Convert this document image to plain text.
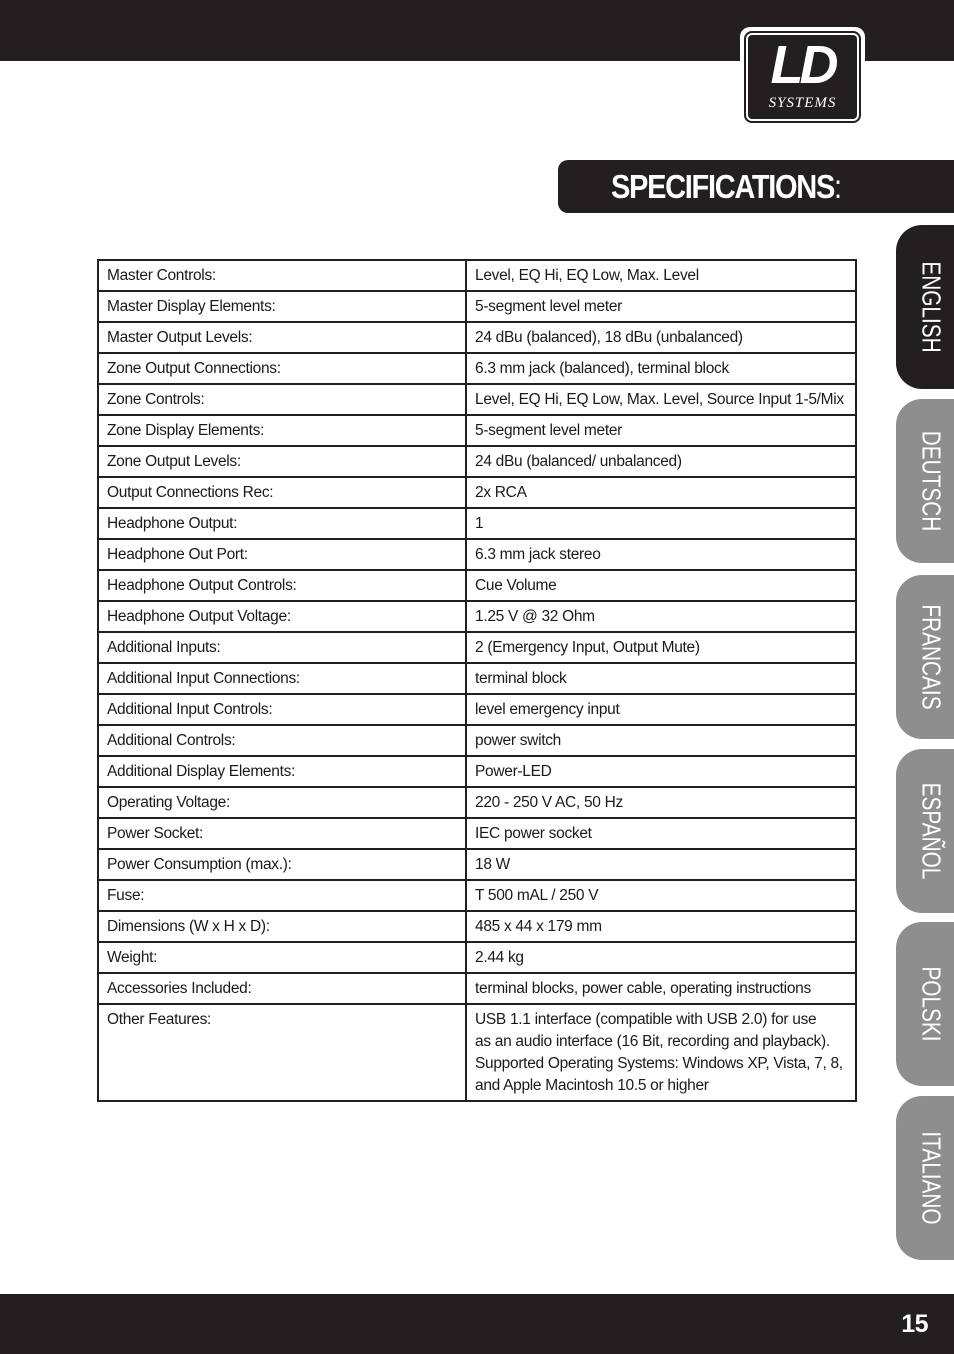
LD
SYSTEMS
SPECIFICATIONS:
Master Controls:	Level, EQ Hi, EQ Low, Max. Level
Master Display Elements:	5-segment level meter
Master Output Levels:	24 dBu (balanced), 18 dBu (unbalanced)
Zone Output Connections:	6.3 mm jack (balanced), terminal block
Zone Controls:	Level, EQ Hi, EQ Low, Max. Level, Source Input 1-5/Mix
Zone Display Elements:	5-segment level meter
Zone Output Levels:	24 dBu (balanced/ unbalanced)
Output Connections Rec:	2x RCA
Headphone Output:	1
Headphone Out Port:	6.3 mm jack stereo
Headphone Output Controls:	Cue Volume
Headphone Output Voltage:	1.25 V @ 32 Ohm
Additional Inputs:	2 (Emergency Input, Output Mute)
Additional Input Connections:	terminal block
Additional Input Controls:	level emergency input
Additional Controls:	power switch
Additional Display Elements:	Power-LED
Operating Voltage:	220 - 250 V AC, 50 Hz
Power Socket:	IEC power socket
Power Consumption (max.):	18 W
Fuse:	T 500 mAL / 250 V
Dimensions (W x H x D):	485 x 44 x 179 mm
Weight:	2.44 kg
Accessories Included:	terminal blocks, power cable, operating instructions
Other Features:	USB 1.1 interface (compatible with USB 2.0) for use
as an audio interface (16 Bit, recording and playback).
Supported Operating Systems: Windows XP, Vista, 7, 8,
and Apple Macintosh 10.5 or higher
ENGLISH
DEUTSCH
FRANCAIS
ESPAÑOL
POLSKI
ITALIANO
15
